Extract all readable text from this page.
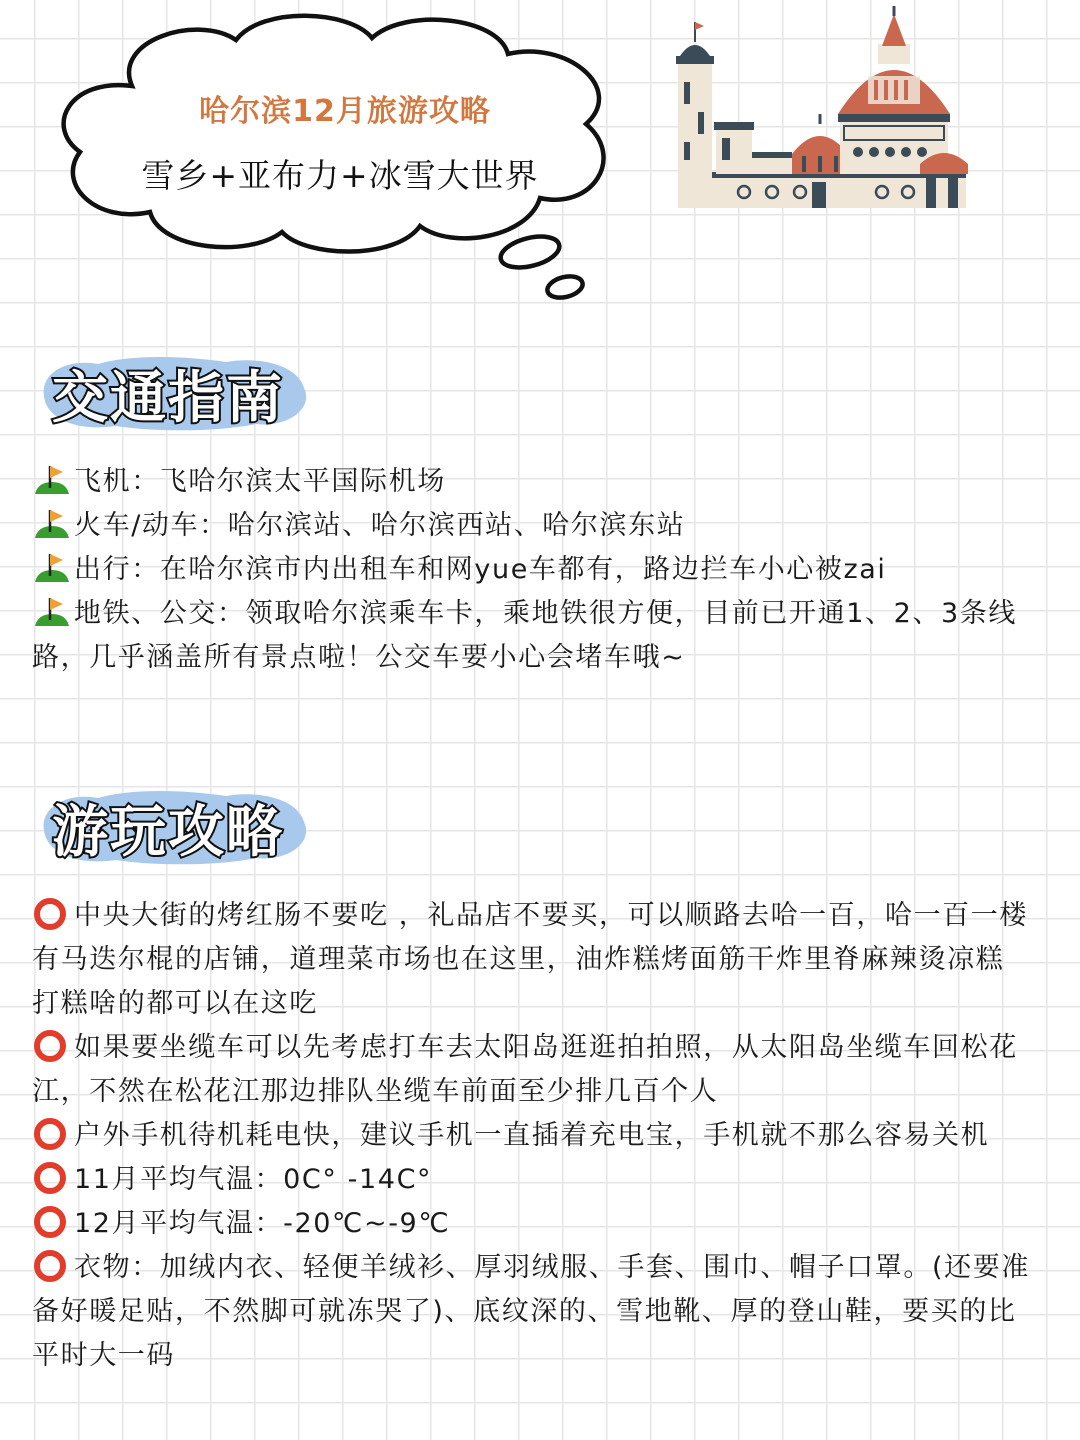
哈尔滨12月旅游攻略
雪乡+亚布力+冰雪大世界
交通指南
飞机：飞哈尔滨太平国际机场
火车/动车：哈尔滨站、哈尔滨西站、哈尔滨东站
出行：在哈尔滨市内出租车和网yue车都有，路边拦车小心被zai
地铁、公交：领取哈尔滨乘车卡，乘地铁很方便，目前已开通1、2、3条线路，几乎涵盖所有景点啦！公交车要小心会堵车哦~
游玩攻略
中央大街的烤红肠不要吃 ，礼品店不要买，可以顺路去哈一百，哈一百一楼有马迭尔棍的店铺，道理菜市场也在这里，油炸糕烤面筋干炸里脊麻辣烫凉糕打糕啥的都可以在这吃
如果要坐缆车可以先考虑打车去太阳岛逛逛拍拍照，从太阳岛坐缆车回松花江，不然在松花江那边排队坐缆车前面至少排几百个人
户外手机待机耗电快，建议手机一直插着充电宝，手机就不那么容易关机
11月平均气温：0C° -14C°
12月平均气温：-20℃~-9℃
衣物：加绒内衣、轻便羊绒衫、厚羽绒服、手套、围巾、帽子口罩。(还要准备好暖足贴，不然脚可就冻哭了)、底纹深的、雪地靴、厚的登山鞋，要买的比平时大一码
